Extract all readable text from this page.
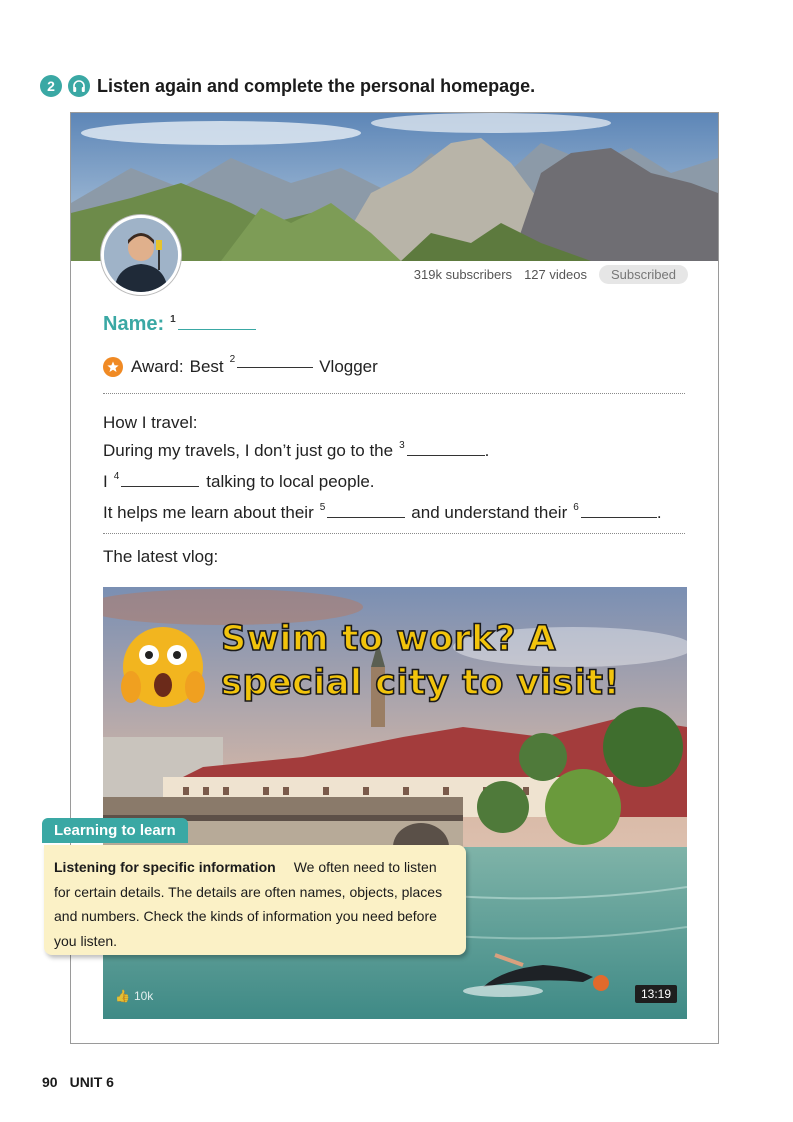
2	Listen again and complete the personal homepage.
319k subscribers 127 videos	Subscribed
Name: $^1$
Award: Best $^2$	Vlogger
How I travel:
During my travels, I don’t just go to the $^3$	.
I $^4$	talking to local people.
It helps me learn about their $^5$	and understand their $^6$	.
The latest vlog:
Swim to work? A special city to visit!
👍 10k	13:19
Learning to learn
Listening for specific information We often need to listen for certain details. The details are often names, objects, places and numbers. Check the kinds of information you need before you listen.
90 UNIT 6
